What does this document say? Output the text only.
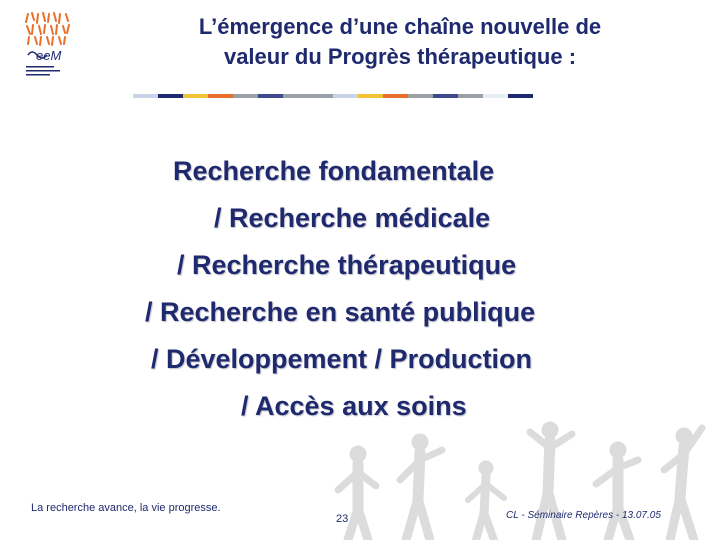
eeM
L’émergence d’une chaîne nouvelle de
valeur du Progrès thérapeutique :
Recherche fondamentale
/ Recherche médicale
/ Recherche thérapeutique
/ Recherche en santé publique
/ Développement / Production
/ Accès aux soins
La recherche avance, la vie progresse.
23	CL - Séminaire Repères - 13.07.05
